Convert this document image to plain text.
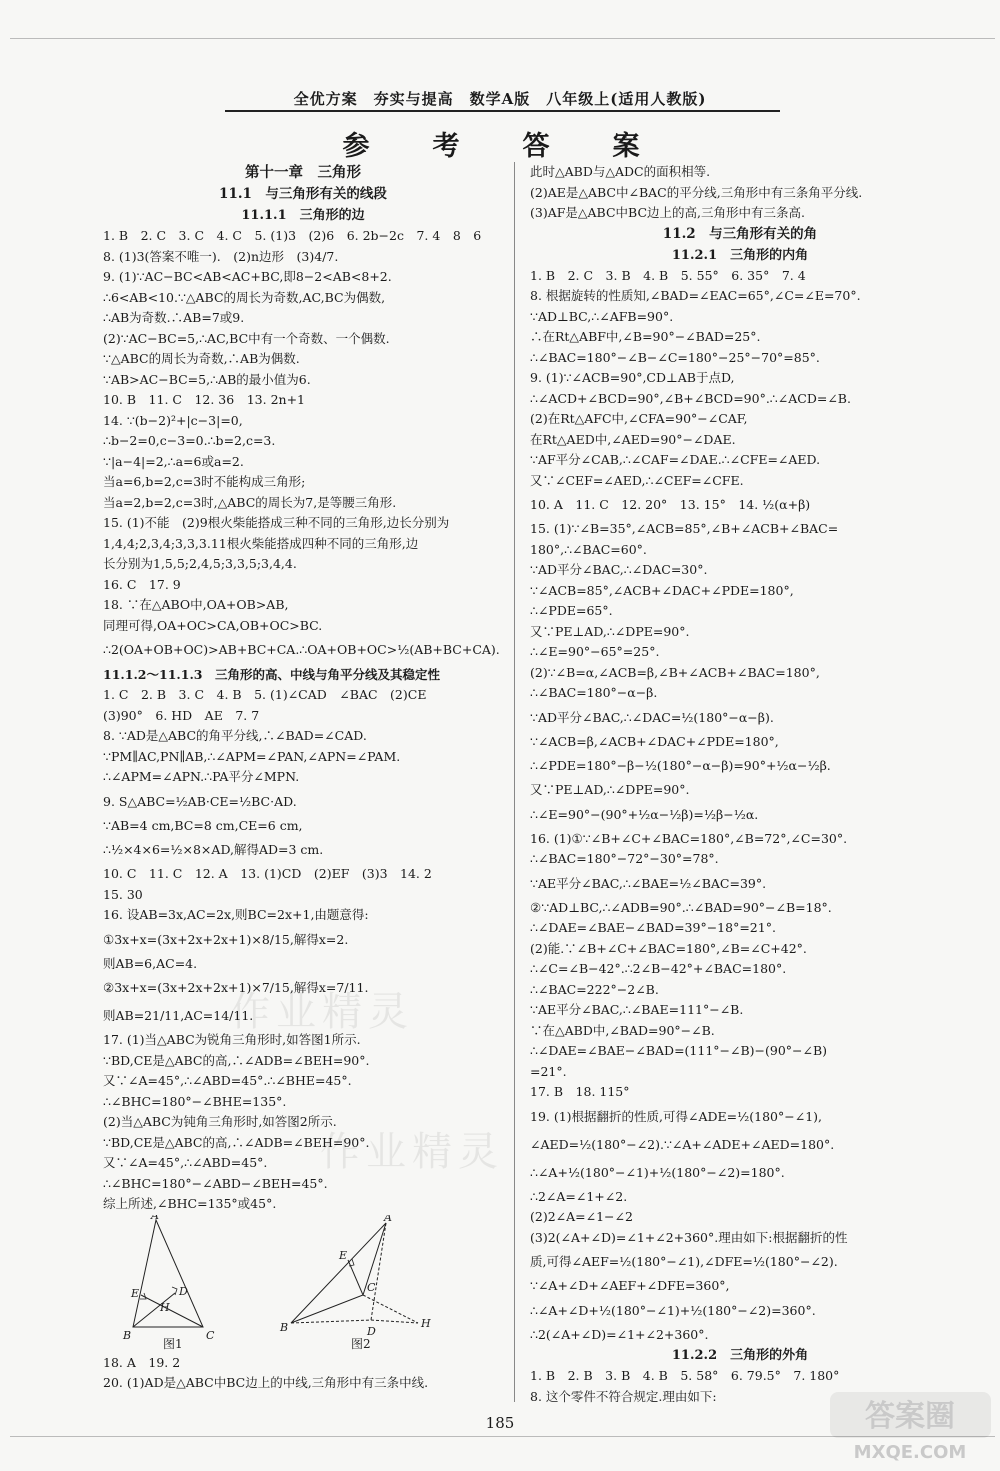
全优方案　夯实与提高　数学A版　八年级上(适用人教版)
参　考　答　案
第十一章　三角形
11.1　与三角形有关的线段
11.1.1　三角形的边
1. B　2. C　3. C　4. C　5. (1)3　(2)6　6. 2b−2c　7. 4　8　6
8. (1)3(答案不唯一).　(2)n边形　(3)4/7.
9. (1)∵AC−BC<AB<AC+BC,即8−2<AB<8+2.
∴6<AB<10.∵△ABC的周长为奇数,AC,BC为偶数,
∴AB为奇数.∴AB=7或9.
(2)∵AC−BC=5,∴AC,BC中有一个奇数、一个偶数.
∵△ABC的周长为奇数,∴AB为偶数.
∵AB>AC−BC=5,∴AB的最小值为6.
10. B　11. C　12. 36　13. 2n+1
14. ∵(b−2)²+|c−3|=0,
∴b−2=0,c−3=0.∴b=2,c=3.
∵|a−4|=2,∴a=6或a=2.
当a=6,b=2,c=3时不能构成三角形;
当a=2,b=2,c=3时,△ABC的周长为7,是等腰三角形.
15. (1)不能　(2)9根火柴能搭成三种不同的三角形,边长分别为
1,4,4;2,3,4;3,3,3.11根火柴能搭成四种不同的三角形,边
长分别为1,5,5;2,4,5;3,3,5;3,4,4.
16. C　17. 9
18. ∵在△ABO中,OA+OB>AB,
同理可得,OA+OC>CA,OB+OC>BC.
∴2(OA+OB+OC)>AB+BC+CA.∴OA+OB+OC>½(AB+BC+CA).
11.1.2～11.1.3　三角形的高、中线与角平分线及其稳定性
1. C　2. B　3. C　4. B　5. (1)∠CAD　∠BAC　(2)CE
(3)90°　6. HD　AE　7. 7
8. ∵AD是△ABC的角平分线,∴∠BAD=∠CAD.
∵PM∥AC,PN∥AB,∴∠APM=∠PAN,∠APN=∠PAM.
∴∠APM=∠APN.∴PA平分∠MPN.
9. S△ABC=½AB·CE=½BC·AD.
∵AB=4 cm,BC=8 cm,CE=6 cm,
∴½×4×6=½×8×AD,解得AD=3 cm.
10. C　11. C　12. A　13. (1)CD　(2)EF　(3)3　14. 2
15. 30
16. 设AB=3x,AC=2x,则BC=2x+1,由题意得:
①3x+x=(3x+2x+2x+1)×8/15,解得x=2.
则AB=6,AC=4.
②3x+x=(3x+2x+2x+1)×7/15,解得x=7/11.
则AB=21/11,AC=14/11.
17. (1)当△ABC为锐角三角形时,如答图1所示.
∵BD,CE是△ABC的高,∴∠ADB=∠BEH=90°.
又∵∠A=45°,∴∠ABD=45°.∴∠BHE=45°.
∴∠BHC=180°−∠BHE=135°.
(2)当△ABC为钝角三角形时,如答图2所示.
∵BD,CE是△ABC的高,∴∠ADB=∠BEH=90°.
又∵∠A=45°,∴∠ABD=45°.
∴∠BHC=180°−∠ABD−∠BEH=45°.
综上所述,∠BHC=135°或45°.
A
B	C
D
E
H
A
B
C
D
E
H
图1	图2
18. A　19. 2
20. (1)AD是△ABC中BC边上的中线,三角形中有三条中线.
此时△ABD与△ADC的面积相等.
(2)AE是△ABC中∠BAC的平分线,三角形中有三条角平分线.
(3)AF是△ABC中BC边上的高,三角形中有三条高.
11.2　与三角形有关的角
11.2.1　三角形的内角
1. B　2. C　3. B　4. B　5. 55°　6. 35°　7. 4
8. 根据旋转的性质知,∠BAD=∠EAC=65°,∠C=∠E=70°.
∵AD⊥BC,∴∠AFB=90°.
∴在Rt△ABF中,∠B=90°−∠BAD=25°.
∴∠BAC=180°−∠B−∠C=180°−25°−70°=85°.
9. (1)∵∠ACB=90°,CD⊥AB于点D,
∴∠ACD+∠BCD=90°,∠B+∠BCD=90°.∴∠ACD=∠B.
(2)在Rt△AFC中,∠CFA=90°−∠CAF,
在Rt△AED中,∠AED=90°−∠DAE.
∵AF平分∠CAB,∴∠CAF=∠DAE.∴∠CFE=∠AED.
又∵∠CEF=∠AED,∴∠CEF=∠CFE.
10. A　11. C　12. 20°　13. 15°　14. ½(α+β)
15. (1)∵∠B=35°,∠ACB=85°,∠B+∠ACB+∠BAC=
180°,∴∠BAC=60°.
∵AD平分∠BAC,∴∠DAC=30°.
∵∠ACB=85°,∠ACB+∠DAC+∠PDE=180°,
∴∠PDE=65°.
又∵PE⊥AD,∴∠DPE=90°.
∴∠E=90°−65°=25°.
(2)∵∠B=α,∠ACB=β,∠B+∠ACB+∠BAC=180°,
∴∠BAC=180°−α−β.
∵AD平分∠BAC,∴∠DAC=½(180°−α−β).
∵∠ACB=β,∠ACB+∠DAC+∠PDE=180°,
∴∠PDE=180°−β−½(180°−α−β)=90°+½α−½β.
又∵PE⊥AD,∴∠DPE=90°.
∴∠E=90°−(90°+½α−½β)=½β−½α.
16. (1)①∵∠B+∠C+∠BAC=180°,∠B=72°,∠C=30°.
∴∠BAC=180°−72°−30°=78°.
∵AE平分∠BAC,∴∠BAE=½∠BAC=39°.
②∵AD⊥BC,∴∠ADB=90°.∴∠BAD=90°−∠B=18°.
∴∠DAE=∠BAE−∠BAD=39°−18°=21°.
(2)能.∵∠B+∠C+∠BAC=180°,∠B=∠C+42°.
∴∠C=∠B−42°.∴2∠B−42°+∠BAC=180°.
∴∠BAC=222°−2∠B.
∵AE平分∠BAC,∴∠BAE=111°−∠B.
∵在△ABD中,∠BAD=90°−∠B.
∴∠DAE=∠BAE−∠BAD=(111°−∠B)−(90°−∠B)
=21°.
17. B　18. 115°
19. (1)根据翻折的性质,可得∠ADE=½(180°−∠1),
∠AED=½(180°−∠2).∵∠A+∠ADE+∠AED=180°.
∴∠A+½(180°−∠1)+½(180°−∠2)=180°.
∴2∠A=∠1+∠2.
(2)2∠A=∠1−∠2
(3)2(∠A+∠D)=∠1+∠2+360°.理由如下:根据翻折的性
质,可得∠AEF=½(180°−∠1),∠DFE=½(180°−∠2).
∵∠A+∠D+∠AEF+∠DFE=360°,
∴∠A+∠D+½(180°−∠1)+½(180°−∠2)=360°.
∴2(∠A+∠D)=∠1+∠2+360°.
11.2.2　三角形的外角
1. B　2. B　3. B　4. B　5. 58°　6. 79.5°　7. 180°
8. 这个零件不符合规定.理由如下:
作业精灵
作业精灵
185	答案圈
MXQE.COM
